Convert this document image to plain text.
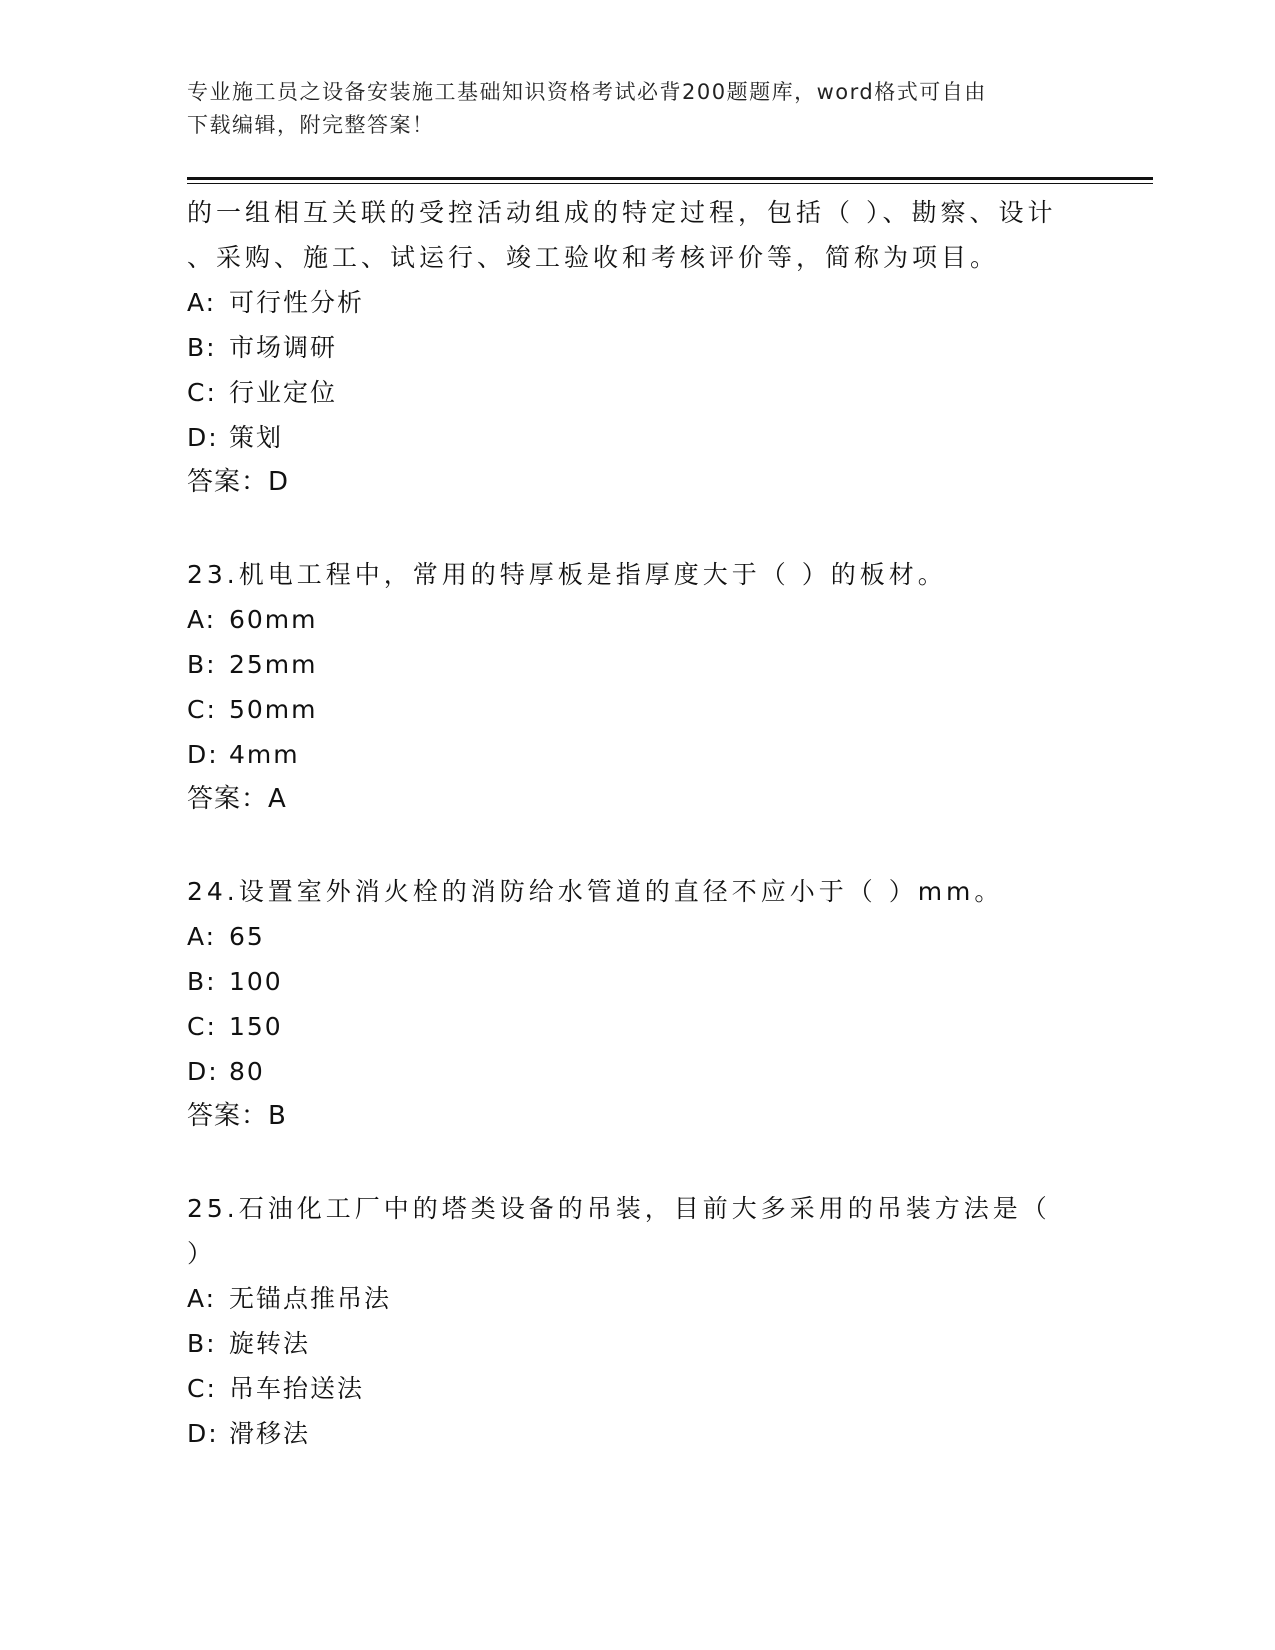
专业施工员之设备安装施工基础知识资格考试必背200题题库，word格式可自由
下载编辑，附完整答案！
的一组相互关联的受控活动组成的特定过程，包括（ ）、勘察、设计
、采购、施工、试运行、竣工验收和考核评价等，简称为项目。
A: 可行性分析
B: 市场调研
C: 行业定位
D: 策划
答案：D
23.机电工程中，常用的特厚板是指厚度大于（ ）的板材。
A: 60mm
B: 25mm
C: 50mm
D: 4mm
答案：A
24.设置室外消火栓的消防给水管道的直径不应小于（ ）mm。
A: 65
B: 100
C: 150
D: 80
答案：B
25.石油化工厂中的塔类设备的吊装，目前大多采用的吊装方法是（
）
A: 无锚点推吊法
B: 旋转法
C: 吊车抬送法
D: 滑移法
